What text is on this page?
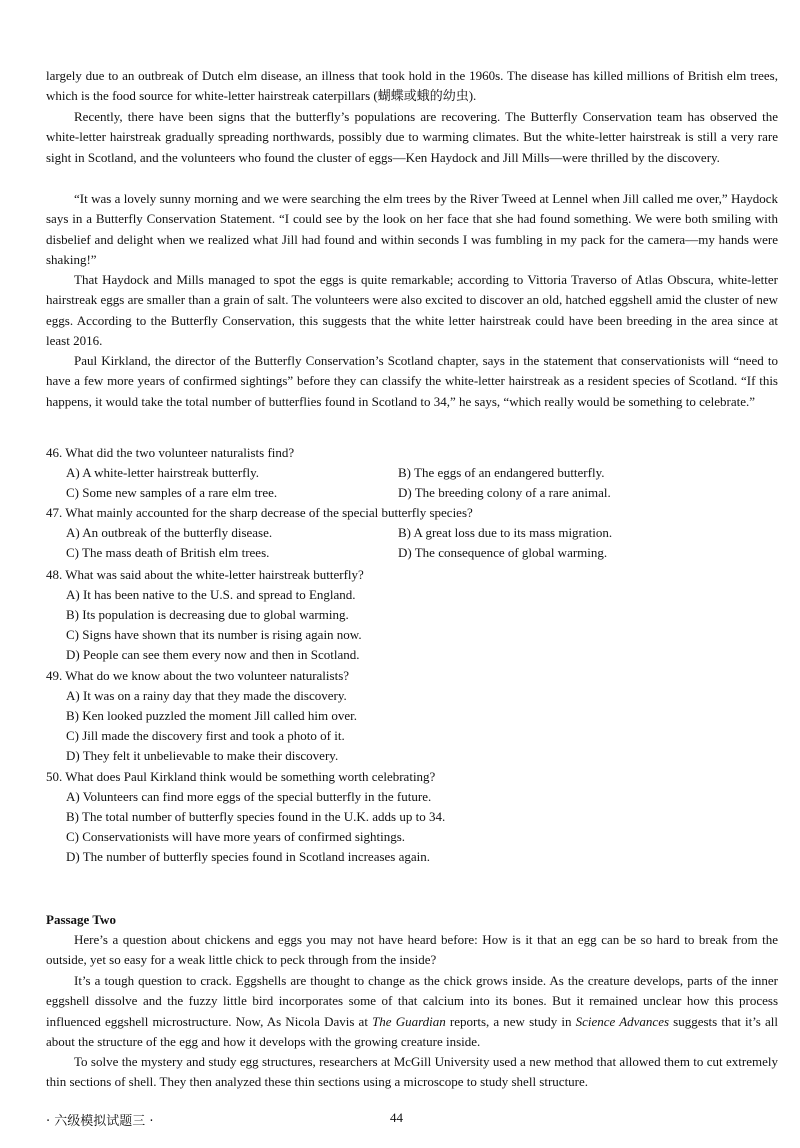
largely due to an outbreak of Dutch elm disease, an illness that took hold in the 1960s. The disease has killed millions of British elm trees, which is the food source for white-letter hairstreak caterpillars (蝴蝶或蛾的幼虫).

Recently, there have been signs that the butterfly’s populations are recovering. The Butterfly Conservation team has observed the white-letter hairstreak gradually spreading northwards, possibly due to warming climates. But the white-letter hairstreak is still a very rare sight in Scotland, and the volunteers who found the cluster of eggs—Ken Haydock and Jill Mills—were thrilled by the discovery.

“It was a lovely sunny morning and we were searching the elm trees by the River Tweed at Lennel when Jill called me over,” Haydock says in a Butterfly Conservation Statement. “I could see by the look on her face that she had found something. We were both smiling with disbelief and delight when we realized what Jill had found and within seconds I was fumbling in my pack for the camera—my hands were shaking!”

That Haydock and Mills managed to spot the eggs is quite remarkable; according to Vittoria Traverso of Atlas Obscura, white-letter hairstreak eggs are smaller than a grain of salt. The volunteers were also excited to discover an old, hatched eggshell amid the cluster of new eggs. According to the Butterfly Conservation, this suggests that the white letter hairstreak could have been breeding in the area since at least 2016.

Paul Kirkland, the director of the Butterfly Conservation’s Scotland chapter, says in the statement that conservationists will “need to have a few more years of confirmed sightings” before they can classify the white-letter hairstreak as a resident species of Scotland. “If this happens, it would take the total number of butterflies found in Scotland to 34,” he says, “which really would be something to celebrate.”

46. What did the two volunteer naturalists find?
A) A white-letter hairstreak butterfly.	B) The eggs of an endangered butterfly.
C) Some new samples of a rare elm tree.	D) The breeding colony of a rare animal.
47. What mainly accounted for the sharp decrease of the special butterfly species?
A) An outbreak of the butterfly disease.	B) A great loss due to its mass migration.
C) The mass death of British elm trees.	D) The consequence of global warming.
48. What was said about the white-letter hairstreak butterfly?
A) It has been native to the U.S. and spread to England.
B) Its population is decreasing due to global warming.
C) Signs have shown that its number is rising again now.
D) People can see them every now and then in Scotland.
49. What do we know about the two volunteer naturalists?
A) It was on a rainy day that they made the discovery.
B) Ken looked puzzled the moment Jill called him over.
C) Jill made the discovery first and took a photo of it.
D) They felt it unbelievable to make their discovery.
50. What does Paul Kirkland think would be something worth celebrating?
A) Volunteers can find more eggs of the special butterfly in the future.
B) The total number of butterfly species found in the U.K. adds up to 34.
C) Conservationists will have more years of confirmed sightings.
D) The number of butterfly species found in Scotland increases again.
Passage Two

Here’s a question about chickens and eggs you may not have heard before: How is it that an egg can be so hard to break from the outside, yet so easy for a weak little chick to peck through from the inside?

It’s a tough question to crack. Eggshells are thought to change as the chick grows inside. As the creature develops, parts of the inner eggshell dissolve and the fuzzy little bird incorporates some of that calcium into its bones. But it remained unclear how this process influenced eggshell microstructure. Now, As Nicola Davis at The Guardian reports, a new study in Science Advances suggests that it’s all about the structure of the egg and how it develops with the growing creature inside.

To solve the mystery and study egg structures, researchers at McGill University used a new method that allowed them to cut extremely thin sections of shell. They then analyzed these thin sections using a microscope to study shell structure.

· 六级模拟试题三 ·	44
